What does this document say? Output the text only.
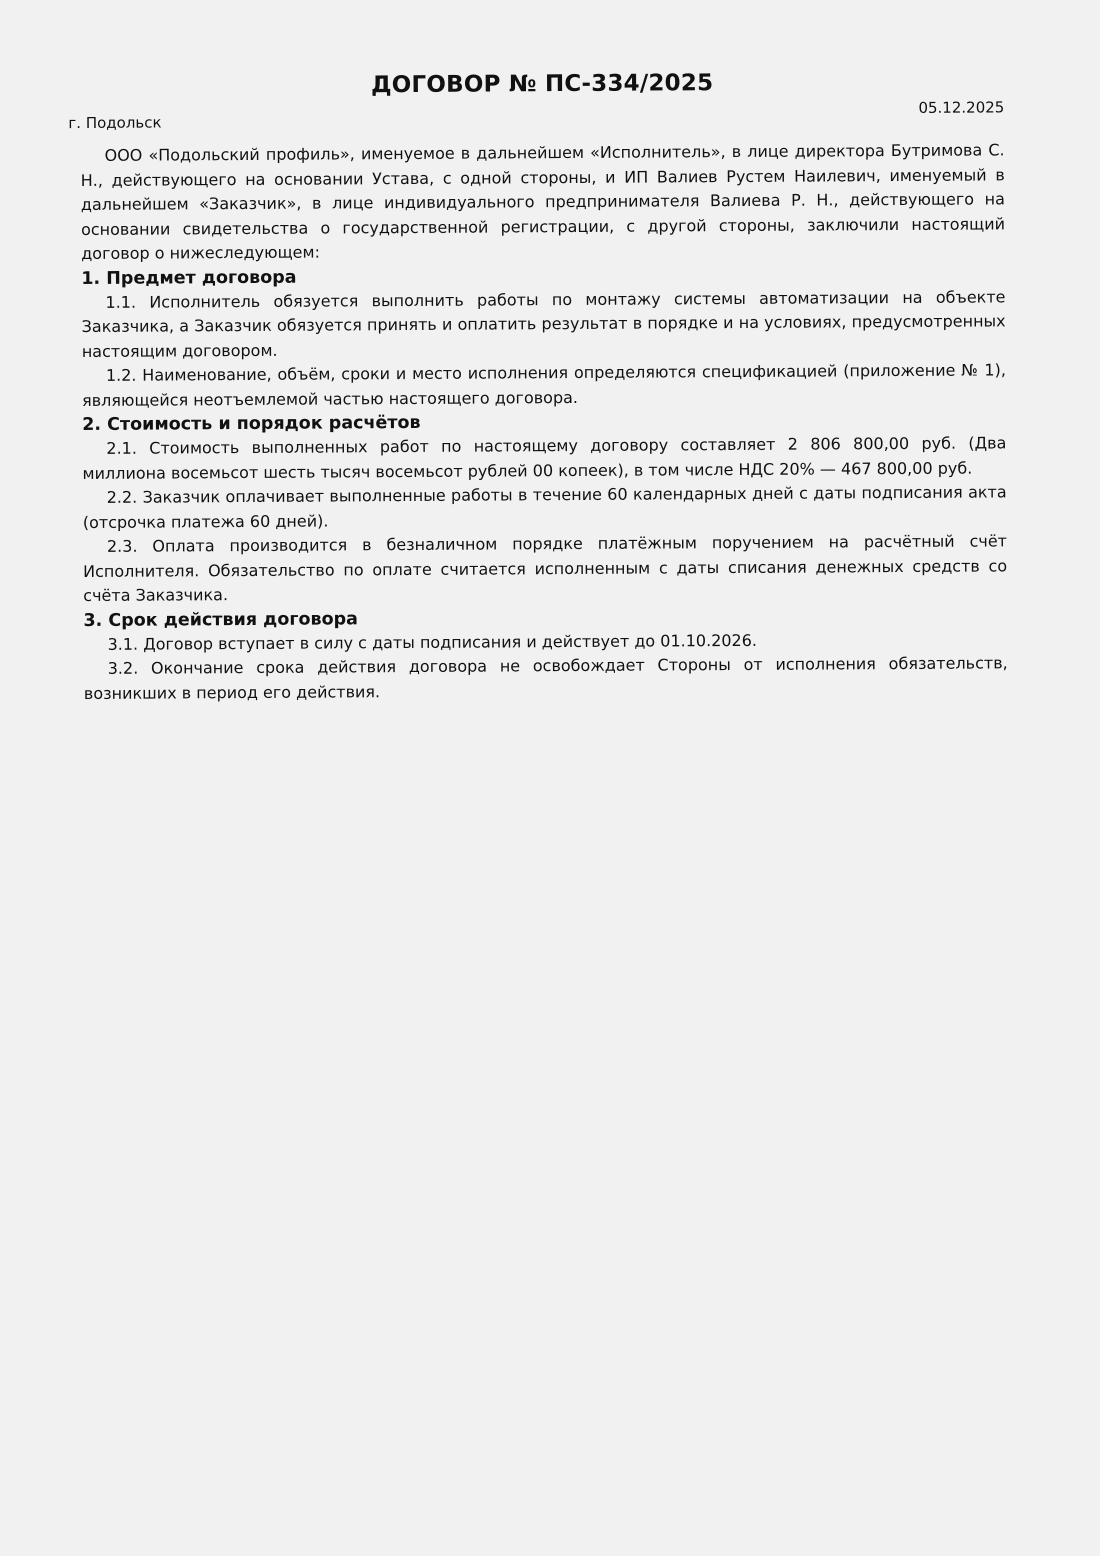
ДОГОВОР № ПС-334/2025
г. Подольск
05.12.2025

ООО «Подольский профиль», именуемое в дальнейшем «Исполнитель», в лице директора Бутримова С. Н., действующего на основании Устава, с одной стороны, и ИП Валиев Рустем Наилевич, именуемый в дальнейшем «Заказчик», в лице индивидуального предпринимателя Валиева Р. Н., действующего на основании свидетельства о государственной регистрации, с другой стороны, заключили настоящий договор о нижеследующем:

1. Предмет договора

1.1. Исполнитель обязуется выполнить работы по монтажу системы автоматизации на объекте Заказчика, а Заказчик обязуется принять и оплатить результат в порядке и на условиях, предусмотренных настоящим договором.

1.2. Наименование, объём, сроки и место исполнения определяются спецификацией (приложение № 1), являющейся неотъемлемой частью настоящего договора.

2. Стоимость и порядок расчётов

2.1. Стоимость выполненных работ по настоящему договору составляет 2 806 800,00 руб. (Два миллиона восемьсот шесть тысяч восемьсот рублей 00 копеек), в том числе НДС 20% — 467 800,00 руб.

2.2. Заказчик оплачивает выполненные работы в течение 60 календарных дней с даты подписания акта (отсрочка платежа 60 дней).

2.3. Оплата производится в безналичном порядке платёжным поручением на расчётный счёт Исполнителя. Обязательство по оплате считается исполненным с даты списания денежных средств со счёта Заказчика.

3. Срок действия договора

3.1. Договор вступает в силу с даты подписания и действует до 01.10.2026.

3.2. Окончание срока действия договора не освобождает Стороны от исполнения обязательств, возникших в период его действия.
